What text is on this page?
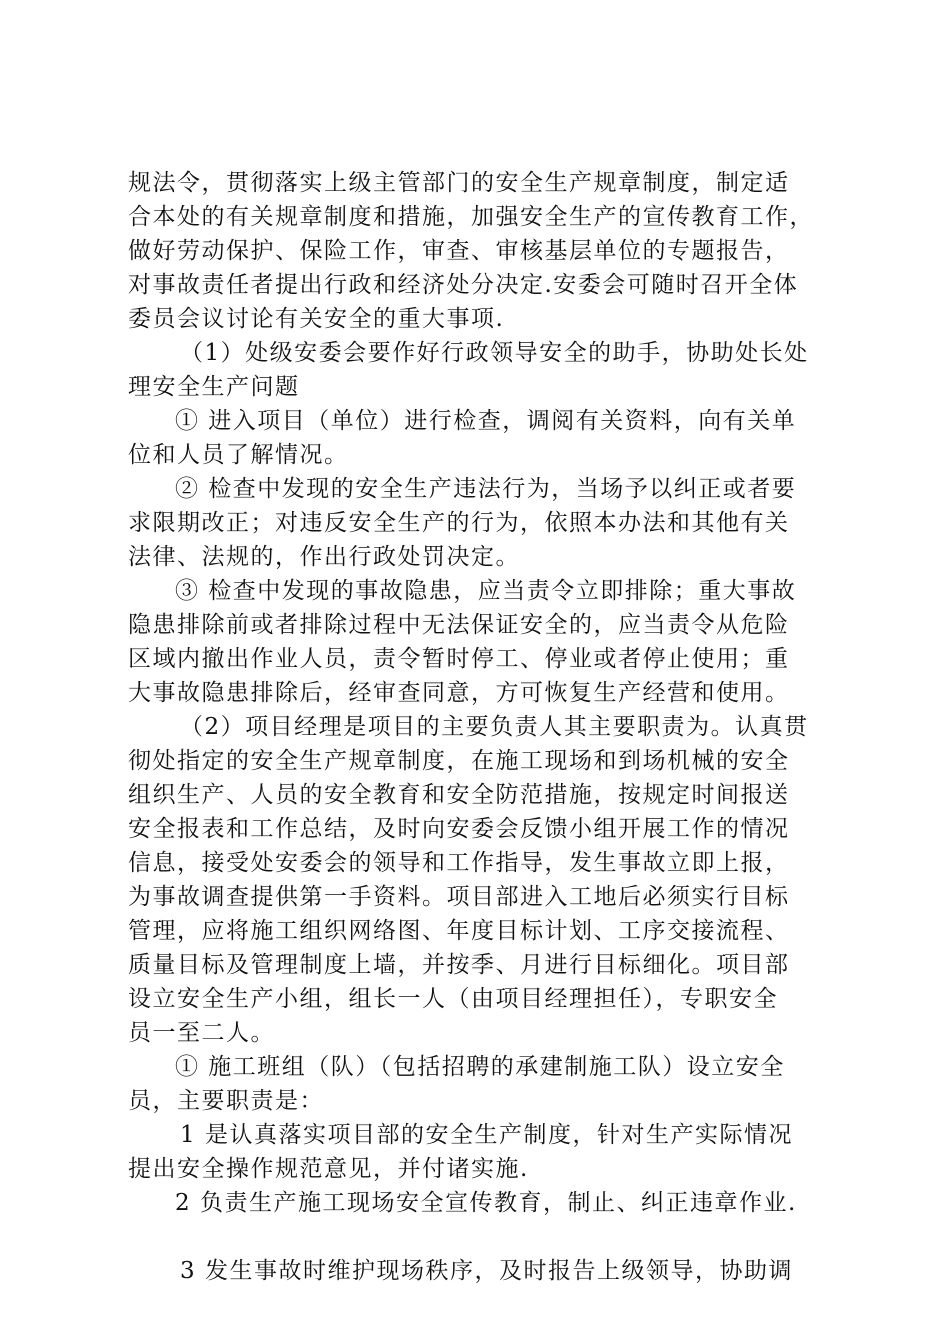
规法令，贯彻落实上级主管部门的安全生产规章制度，制定适
合本处的有关规章制度和措施，加强安全生产的宣传教育工作，
做好劳动保护、保险工作，审查、审核基层单位的专题报告，
对事故责任者提出行政和经济处分决定.安委会可随时召开全体
委员会议讨论有关安全的重大事项.
（1）处级安委会要作好行政领导安全的助手，协助处长处
理安全生产问题
① 进入项目（单位）进行检查，调阅有关资料，向有关单
位和人员了解情况。
② 检查中发现的安全生产违法行为，当场予以纠正或者要
求限期改正；对违反安全生产的行为，依照本办法和其他有关
法律、法规的，作出行政处罚决定。
③ 检查中发现的事故隐患，应当责令立即排除；重大事故
隐患排除前或者排除过程中无法保证安全的，应当责令从危险
区域内撤出作业人员，责令暂时停工、停业或者停止使用；重
大事故隐患排除后，经审查同意，方可恢复生产经营和使用。
（2）项目经理是项目的主要负责人其主要职责为。认真贯
彻处指定的安全生产规章制度，在施工现场和到场机械的安全
组织生产、人员的安全教育和安全防范措施，按规定时间报送
安全报表和工作总结，及时向安委会反馈小组开展工作的情况
信息，接受处安委会的领导和工作指导，发生事故立即上报，
为事故调查提供第一手资料。项目部进入工地后必须实行目标
管理，应将施工组织网络图、年度目标计划、工序交接流程、
质量目标及管理制度上墙，并按季、月进行目标细化。项目部
设立安全生产小组，组长一人（由项目经理担任），专职安全
员一至二人。
① 施工班组（队）（包括招聘的承建制施工队）设立安全
员，主要职责是：
1 是认真落实项目部的安全生产制度，针对生产实际情况
提出安全操作规范意见，并付诸实施.
2 负责生产施工现场安全宣传教育，制止、纠正违章作业.
3 发生事故时维护现场秩序，及时报告上级领导，协助调
